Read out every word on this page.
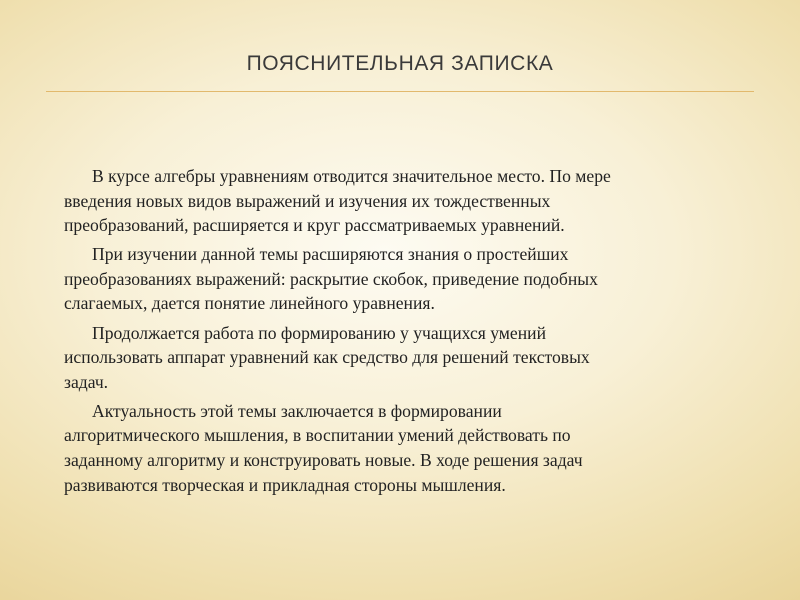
ПОЯСНИТЕЛЬНАЯ ЗАПИСКА

В курсе алгебры уравнениям отводится значительное место. По мере
введения новых видов выражений и изучения их тождественных
преобразований, расширяется и круг рассматриваемых уравнений.

При изучении данной темы расширяются знания о простейших
преобразованиях выражений: раскрытие скобок, приведение подобных
слагаемых, дается понятие линейного уравнения.

Продолжается работа по формированию у учащихся умений
использовать аппарат уравнений как средство для решений текстовых
задач.

Актуальность этой темы заключается в формировании
алгоритмического мышления, в воспитании умений действовать по
заданному алгоритму и конструировать новые. В ходе решения задач
развиваются творческая и прикладная стороны мышления.
